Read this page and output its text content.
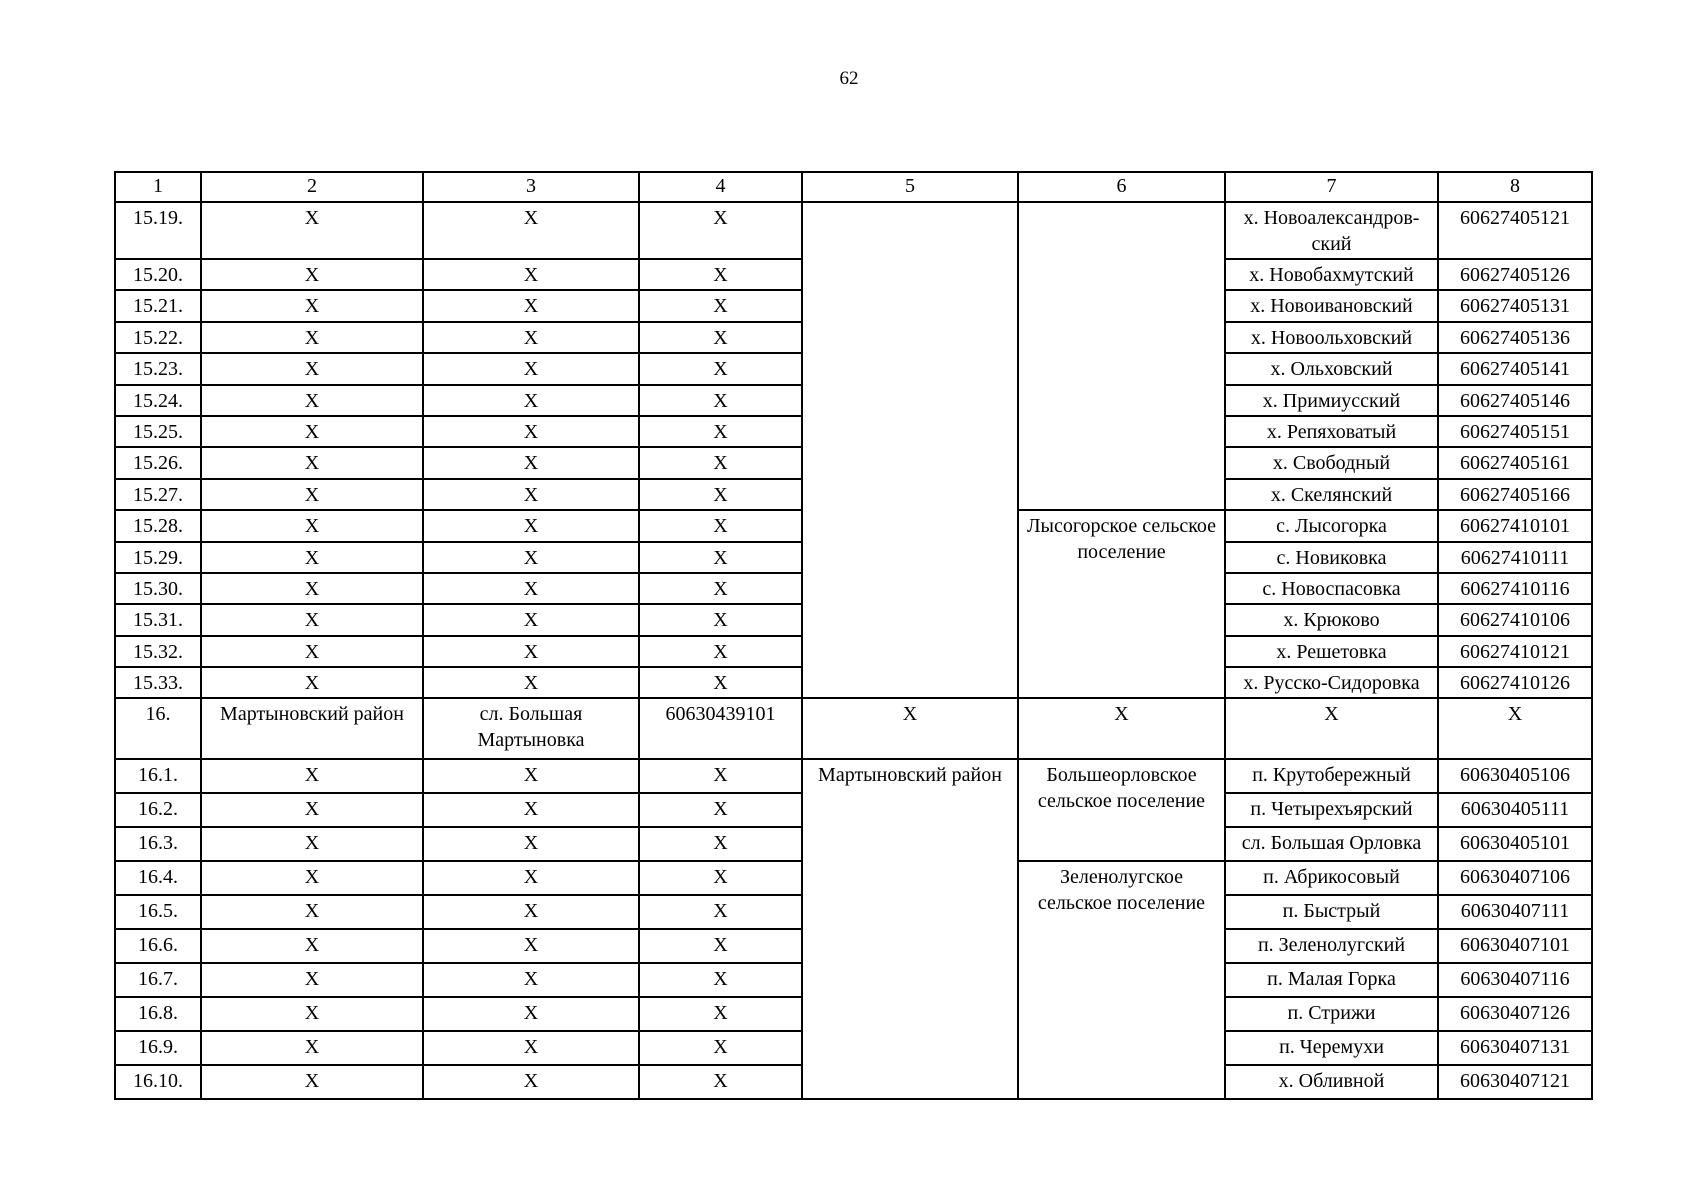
62
1	2	3	4	5	6	7	8
15.19.	X	X	X			х. Новоалександров-ский	60627405121
15.20.	X	X	X			х. Новобахмутский	60627405126
15.21.	X	X	X			х. Новоивановский	60627405131
15.22.	X	X	X			х. Новоольховский	60627405136
15.23.	X	X	X			х. Ольховский	60627405141
15.24.	X	X	X			х. Примиусский	60627405146
15.25.	X	X	X			х. Репяховатый	60627405151
15.26.	X	X	X			х. Свободный	60627405161
15.27.	X	X	X			х. Скелянский	60627405166
15.28.	X	X	X		Лысогорское сельское поселение	с. Лысогорка	60627410101
15.29.	X	X	X			с. Новиковка	60627410111
15.30.	X	X	X			с. Новоспасовка	60627410116
15.31.	X	X	X			х. Крюково	60627410106
15.32.	X	X	X			х. Решетовка	60627410121
15.33.	X	X	X			х. Русско-Сидоровка	60627410126
16.	Мартыновский район	сл. Большая Мартыновка	60630439101	X	X	X	X
16.1.	X	X	X	Мартыновский район	Большеорловское сельское поселение	п. Крутобережный	60630405106
16.2.	X	X	X			п. Четырехъярский	60630405111
16.3.	X	X	X			сл. Большая Орловка	60630405101
16.4.	X	X	X		Зеленолугское сельское поселение	п. Абрикосовый	60630407106
16.5.	X	X	X			п. Быстрый	60630407111
16.6.	X	X	X			п. Зеленолугский	60630407101
16.7.	X	X	X			п. Малая Горка	60630407116
16.8.	X	X	X			п. Стрижи	60630407126
16.9.	X	X	X			п. Черемухи	60630407131
16.10.	X	X	X			х. Обливной	60630407121
